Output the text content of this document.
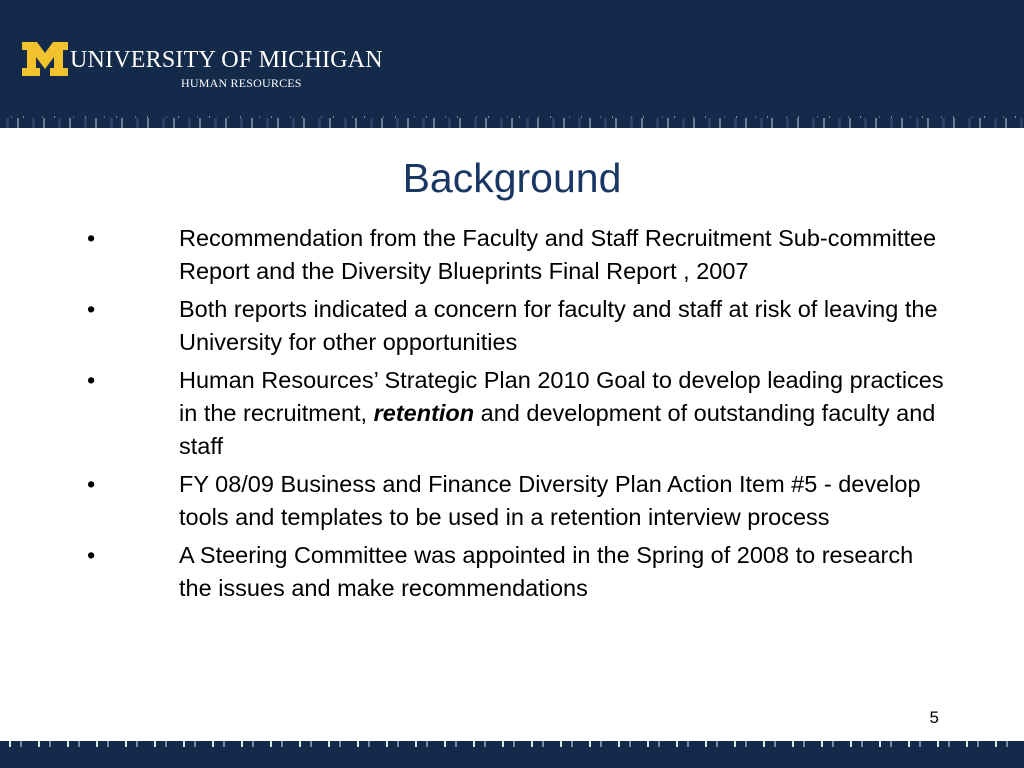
UNIVERSITY OF MICHIGAN

HUMAN RESOURCES

Background
•	Recommendation from the Faculty and Staff Recruitment Sub-committee Report and the Diversity Blueprints Final Report , 2007
•	Both reports indicated a concern for faculty and staff at risk of leaving the University for other opportunities
•	Human Resources’ Strategic Plan 2010 Goal to develop leading practices in the recruitment, retention and development of outstanding faculty and staff
•	FY 08/09 Business and Finance Diversity Plan Action Item #5 - develop tools and templates to be used in a retention interview process
•	A Steering Committee was appointed in the Spring of 2008 to research the issues and make recommendations

5
